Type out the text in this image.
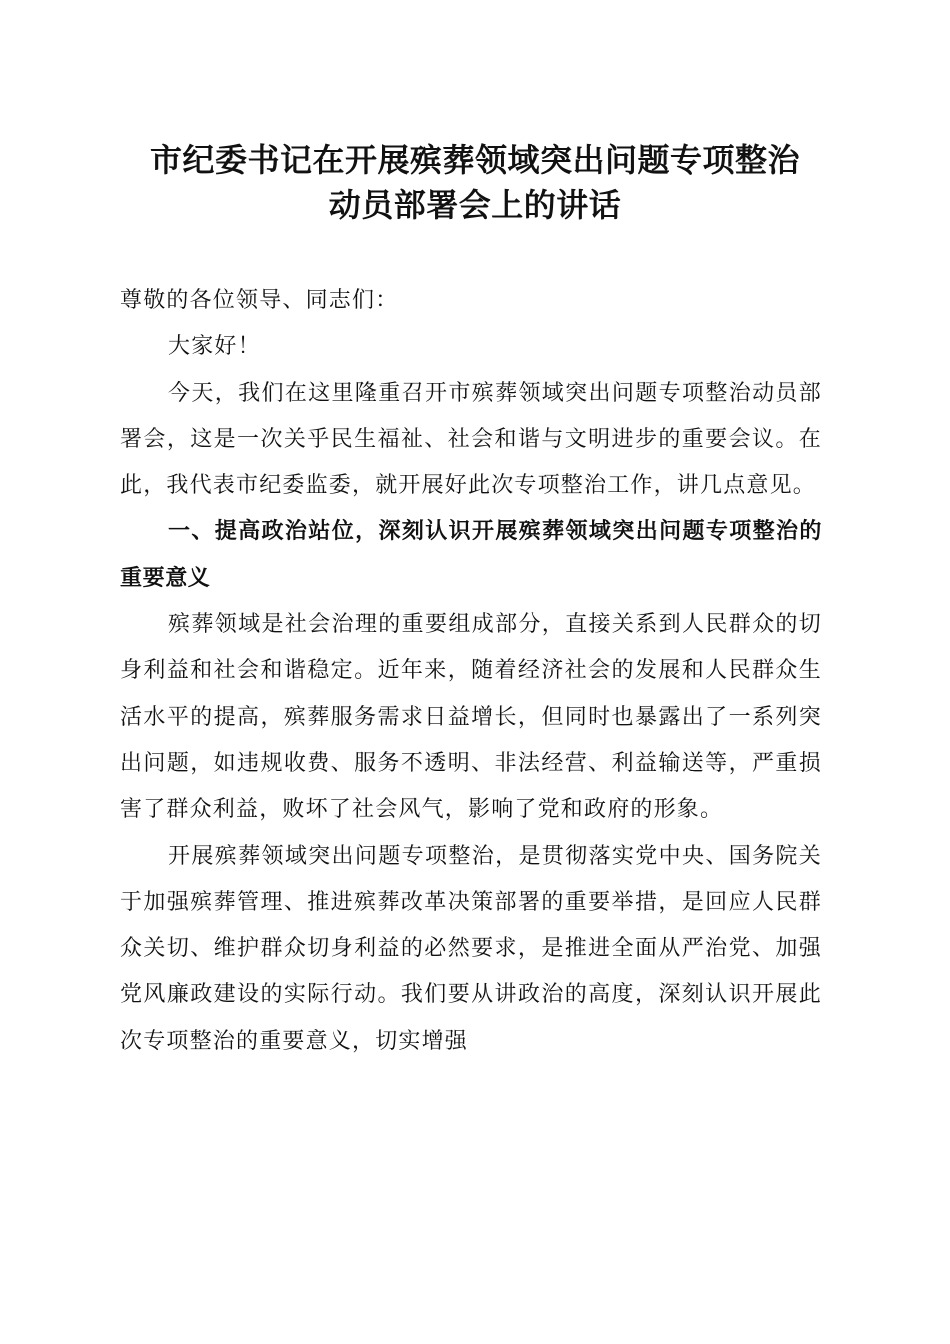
市纪委书记在开展殡葬领域突出问题专项整治
动员部署会上的讲话

尊敬的各位领导、同志们：

大家好！

今天，我们在这里隆重召开市殡葬领域突出问题专项整治动员部署会，这是一次关乎民生福祉、社会和谐与文明进步的重要会议。在此，我代表市纪委监委，就开展好此次专项整治工作，讲几点意见。

一、提高政治站位，深刻认识开展殡葬领域突出问题专项整治的重要意义

殡葬领域是社会治理的重要组成部分，直接关系到人民群众的切身利益和社会和谐稳定。近年来，随着经济社会的发展和人民群众生活水平的提高，殡葬服务需求日益增长，但同时也暴露出了一系列突出问题，如违规收费、服务不透明、非法经营、利益输送等，严重损害了群众利益，败坏了社会风气，影响了党和政府的形象。

开展殡葬领域突出问题专项整治，是贯彻落实党中央、国务院关于加强殡葬管理、推进殡葬改革决策部署的重要举措，是回应人民群众关切、维护群众切身利益的必然要求，是推进全面从严治党、加强党风廉政建设的实际行动。我们要从讲政治的高度，深刻认识开展此次专项整治的重要意义，切实增强
